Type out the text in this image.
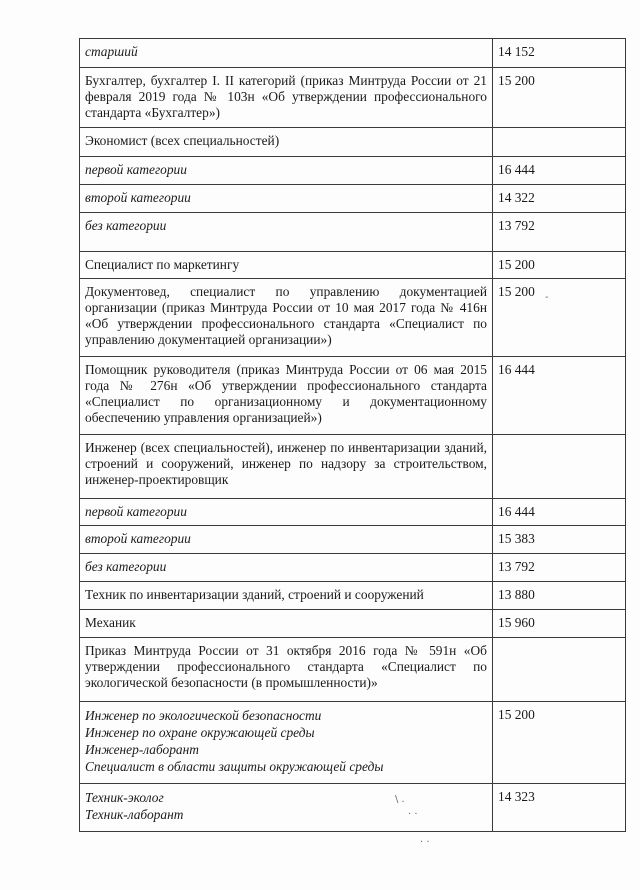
старший	14 152
Бухгалтер, бухгалтер I. II категорий (приказ Минтруда России от 21 февраля 2019 года № 103н «Об утверждении профессионального стандарта «Бухгалтер»)	15 200
Экономист (всех специальностей)	
первой категории	16 444
второй категории	14 322
без категории	13 792
Специалист по маркетингу	15 200
Документовед, специалист по управлению документацией организации (приказ Минтруда России от 10 мая 2017 года № 416н «Об утверждении профессионального стандарта «Специалист по управлению документацией организации»)	15 200
Помощник руководителя (приказ Минтруда России от 06 мая 2015 года № 276н «Об утверждении профессионального стандарта «Специалист по организационному и документационному обеспечению управления организацией»)	16 444
Инженер (всех специальностей), инженер по инвентаризации зданий, строений и сооружений, инженер по надзору за строительством, инженер-проектировщик	
первой категории	16 444
второй категории	15 383
без категории	13 792
Техник по инвентаризации зданий, строений и сооружений	13 880
Механик	15 960
Приказ Минтруда России от 31 октября 2016 года № 591н «Об утверждении профессионального стандарта «Специалист по экологической безопасности (в промышленности)»	

Инженер по экологической безопасности
Инженер по охране окружающей среды
Инженер-лаборант
Специалист в области защиты окружающей среды	15 200

Техник-эколог
Техник-лаборант	14 323
\ .
· ·
· ·
-
